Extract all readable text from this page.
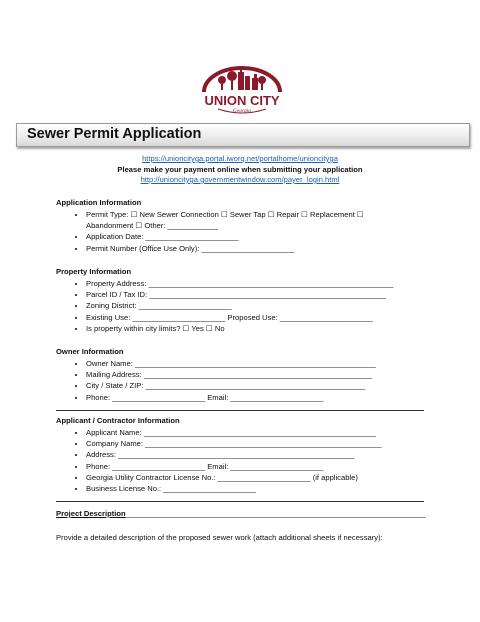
UNION CITY
Georgia
Sewer Permit Application
https://unioncityga.portal.iworq.net/portalhome/unioncityga
Please make your payment online when submitting your application
http://unioncityga.governmentwindow.com/payer_login.html
Application Information
• Permit Type: ☐ New Sewer Connection ☐ Sewer Tap ☐ Repair ☐ Replacement ☐
Abandonment ☐ Other: ____________
• Application Date: ______________________
• Permit Number (Office Use Only): ______________________
Property Information
• Property Address: __________________________________________________________
• Parcel ID / Tax ID: ________________________________________________________
• Zoning District: ______________________
• Existing Use: ______________________ Proposed Use: ______________________
• Is property within city limits? ☐ Yes ☐ No
Owner Information
• Owner Name: _________________________________________________________
• Mailing Address: ______________________________________________________
• City / State / ZIP: ____________________________________________________
• Phone: ______________________ Email: ______________________
Applicant / Contractor Information
• Applicant Name: _______________________________________________________
• Company Name: ________________________________________________________
• Address: ________________________________________________________
• Phone: ______________________ Email: ______________________
• Georgia Utility Contractor License No.: ______________________ (if applicable)
• Business License No.: ______________________
Project Description_______________________________________________________________________
Provide a detailed description of the proposed sewer work (attach additional sheets if necessary):
